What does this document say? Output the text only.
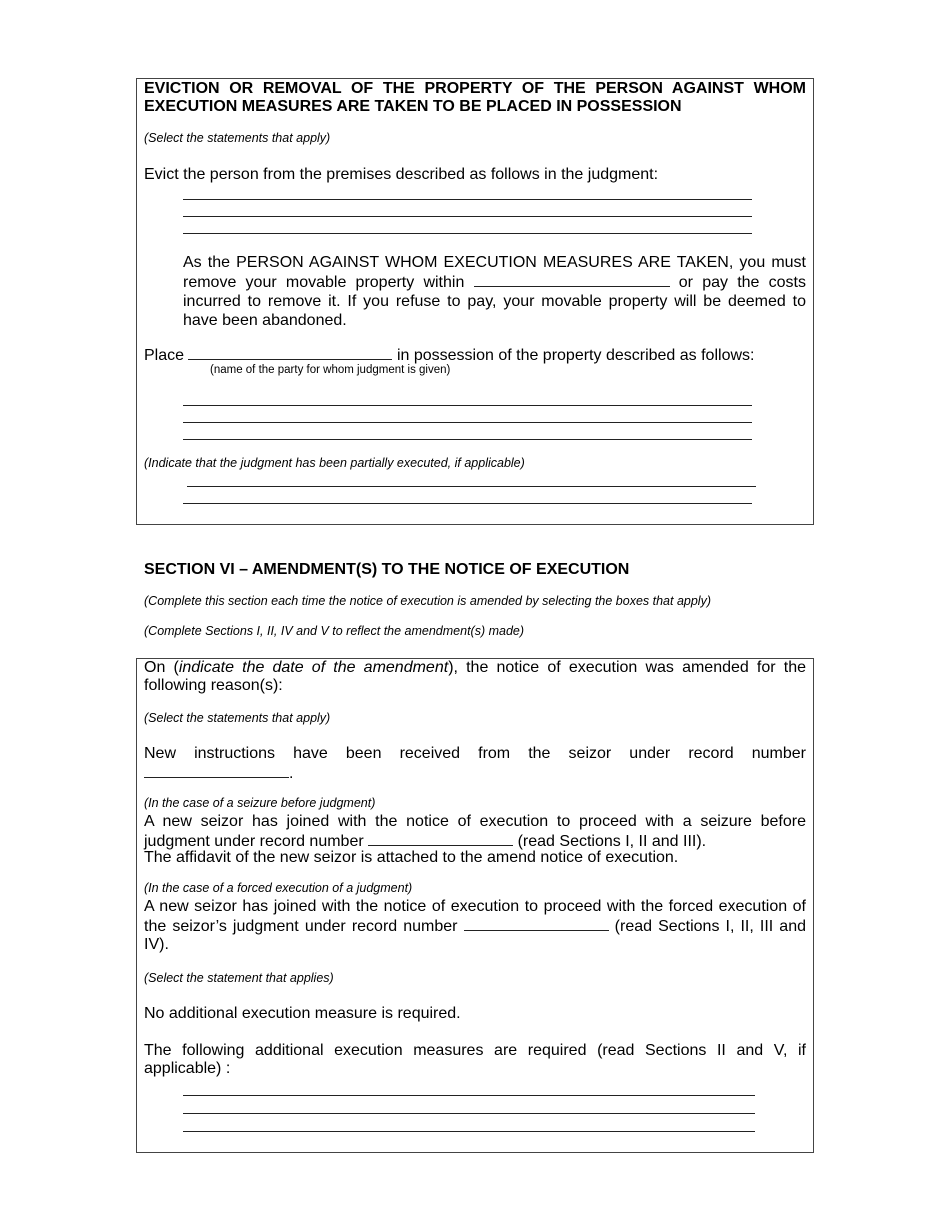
EVICTION OR REMOVAL OF THE PROPERTY OF THE PERSON AGAINST WHOM EXECUTION MEASURES ARE TAKEN TO BE PLACED IN POSSESSION
(Select the statements that apply)
Evict the person from the premises described as follows in the judgment:
As the PERSON AGAINST WHOM EXECUTION MEASURES ARE TAKEN, you must remove your movable property within	or pay the costs incurred to remove it. If you refuse to pay, your movable property will be deemed to have been abandoned.
Place	in possession of the property described as follows:
(name of the party for whom judgment is given)
(Indicate that the judgment has been partially executed, if applicable)
SECTION VI – AMENDMENT(S) TO THE NOTICE OF EXECUTION
(Complete this section each time the notice of execution is amended by selecting the boxes that apply)
(Complete Sections I, II, IV and V to reflect the amendment(s) made)
On (indicate the date of the amendment), the notice of execution was amended for the following reason(s):
(Select the statements that apply)
New instructions have been received from the seizor under record number
.
(In the case of a seizure before judgment)
A new seizor has joined with the notice of execution to proceed with a seizure before judgment under record number	(read Sections I, II and III).
The affidavit of the new seizor is attached to the amend notice of execution.
(In the case of a forced execution of a judgment)
A new seizor has joined with the notice of execution to proceed with the forced execution of the seizor’s judgment under record number	(read Sections I, II, III and IV).
(Select the statement that applies)
No additional execution measure is required.
The following additional execution measures are required (read Sections II and V, if applicable) :
